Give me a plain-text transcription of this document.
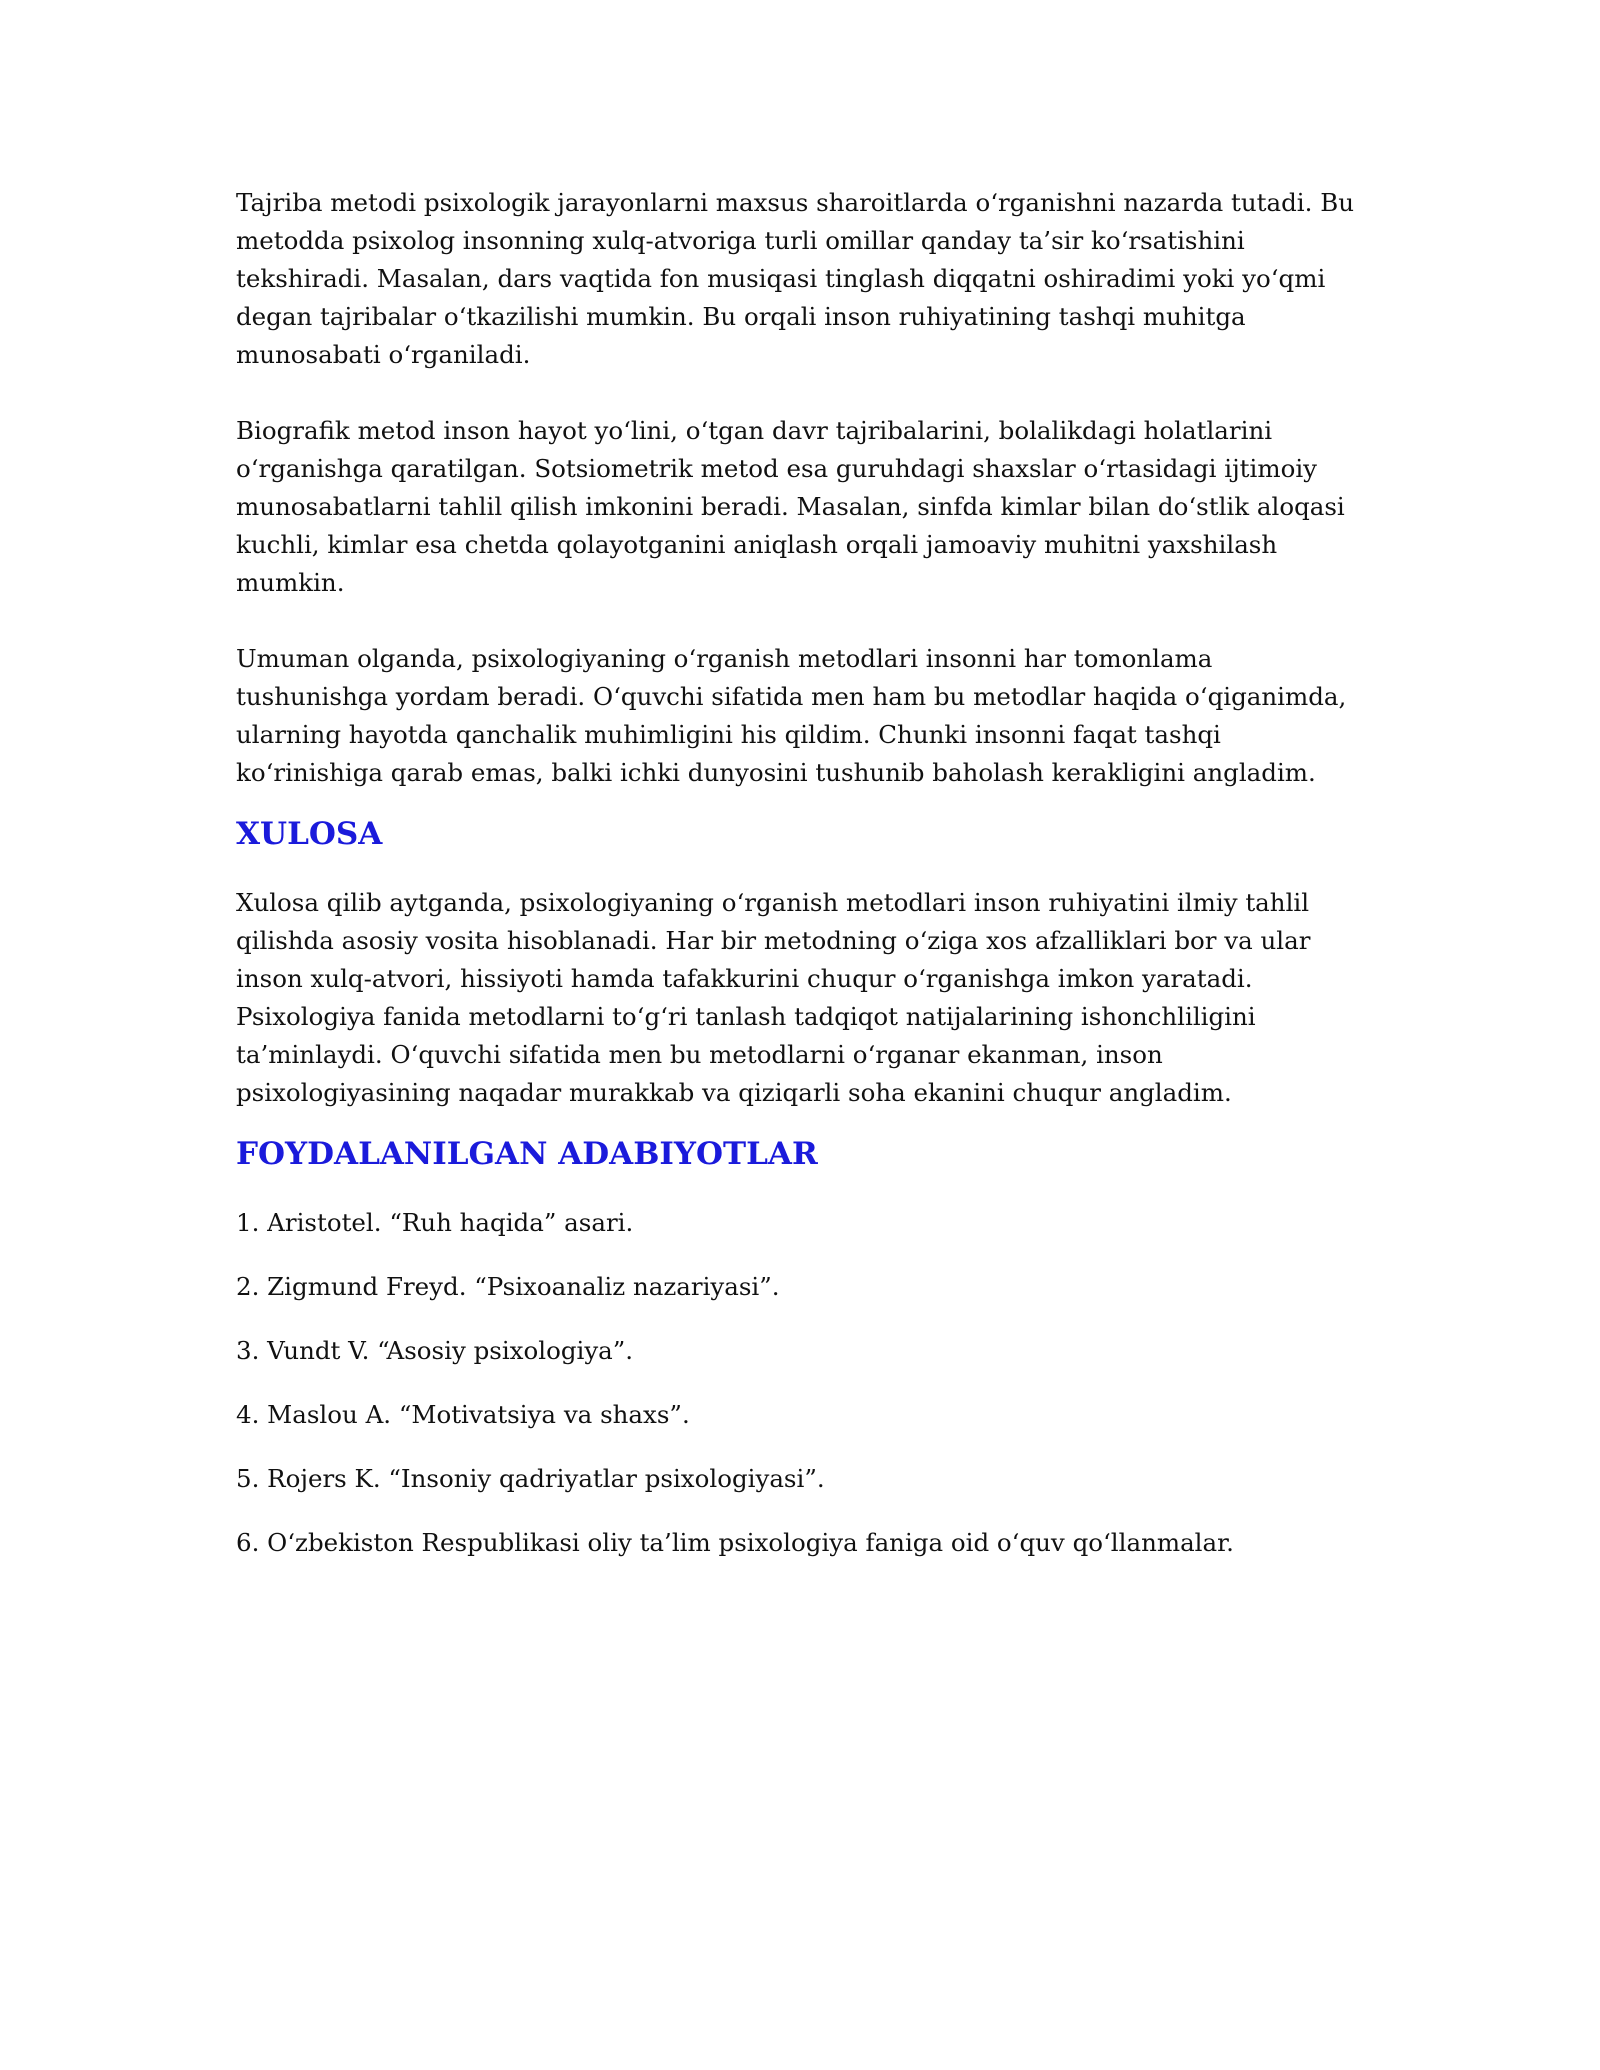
Tajriba metodi psixologik jarayonlarni maxsus sharoitlarda o‘rganishni nazarda tutadi. Bu metodda psixolog insonning xulq-atvoriga turli omillar qanday ta’sir ko‘rsatishini tekshiradi. Masalan, dars vaqtida fon musiqasi tinglash diqqatni oshiradimi yoki yo‘qmi degan tajribalar o‘tkazilishi mumkin. Bu orqali inson ruhiyatining tashqi muhitga munosabati o‘rganiladi.

Biografik metod inson hayot yo‘lini, o‘tgan davr tajribalarini, bolalikdagi holatlarini o‘rganishga qaratilgan. Sotsiometrik metod esa guruhdagi shaxslar o‘rtasidagi ijtimoiy munosabatlarni tahlil qilish imkonini beradi. Masalan, sinfda kimlar bilan do‘stlik aloqasi kuchli, kimlar esa chetda qolayotganini aniqlash orqali jamoaviy muhitni yaxshilash mumkin.

Umuman olganda, psixologiyaning o‘rganish metodlari insonni har tomonlama tushunishga yordam beradi. O‘quvchi sifatida men ham bu metodlar haqida o‘qiganimda, ularning hayotda qanchalik muhimligini his qildim. Chunki insonni faqat tashqi ko‘rinishiga qarab emas, balki ichki dunyosini tushunib baholash kerakligini angladim.

XULOSA

Xulosa qilib aytganda, psixologiyaning o‘rganish metodlari inson ruhiyatini ilmiy tahlil qilishda asosiy vosita hisoblanadi. Har bir metodning o‘ziga xos afzalliklari bor va ular inson xulq-atvori, hissiyoti hamda tafakkurini chuqur o‘rganishga imkon yaratadi. Psixologiya fanida metodlarni to‘g‘ri tanlash tadqiqot natijalarining ishonchliligini ta’minlaydi. O‘quvchi sifatida men bu metodlarni o‘rganar ekanman, inson psixologiyasining naqadar murakkab va qiziqarli soha ekanini chuqur angladim.

FOYDALANILGAN ADABIYOTLAR
1. Aristotel. “Ruh haqida” asari.
2. Zigmund Freyd. “Psixoanaliz nazariyasi”.
3. Vundt V. “Asosiy psixologiya”.
4. Maslou A. “Motivatsiya va shaxs”.
5. Rojers K. “Insoniy qadriyatlar psixologiyasi”.
6. O‘zbekiston Respublikasi oliy ta’lim psixologiya faniga oid o‘quv qo‘llanmalar.
